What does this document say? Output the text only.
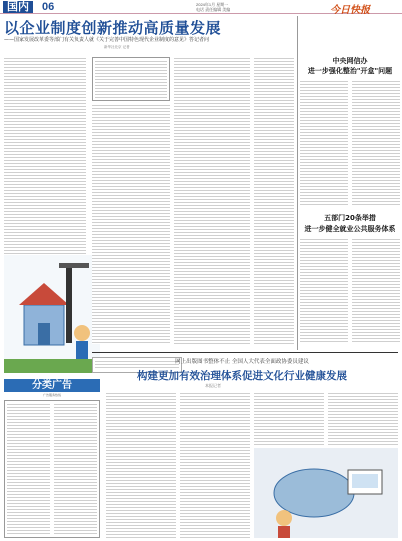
国内	06	2024年1月 星期一
电话 责任编辑 美编	今日快报
以企业制度创新推动高质量发展
——国家发展改革委等部门有关负责人就《关于完善中国特色现代企业制度的意见》答记者问
新华社北京 记者
中央网信办
进一步强化整治"开盒"问题
五部门20条举措
进一步健全就业公共服务体系
网上出版图书整体不止 全国人大代表全面政协委员建议
构建更加有效治理体系促进文化行业健康发展
本报记者
分类广告
广告服务热线
